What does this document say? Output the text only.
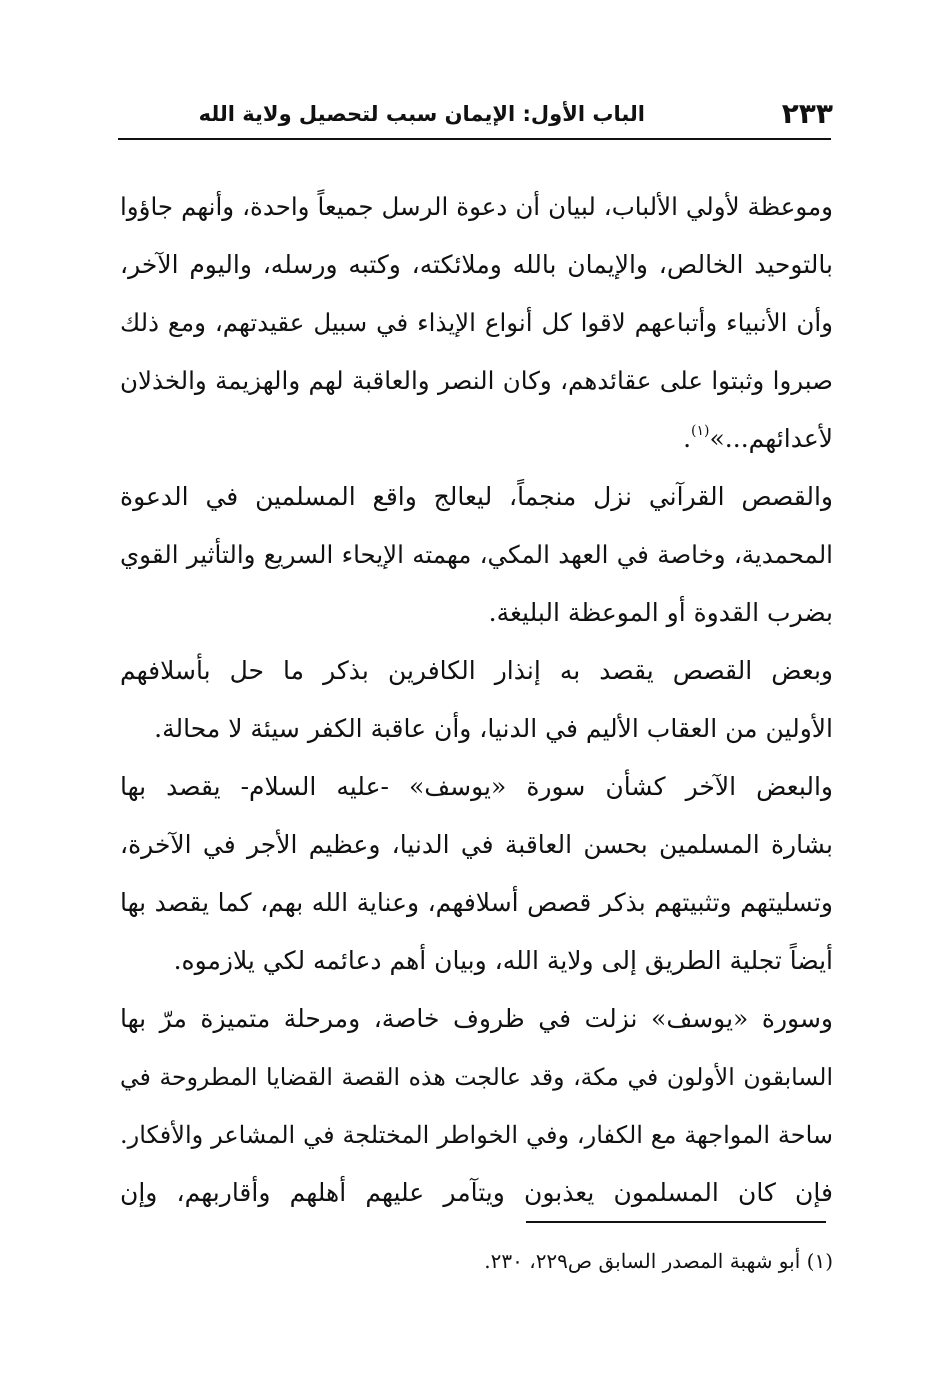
٢٣٣
الباب الأول: الإيمان سبب لتحصيل ولاية الله
وموعظة لأولي الألباب، لبيان أن دعوة الرسل جميعاً واحدة، وأنهم جاؤوا
بالتوحيد الخالص، والإيمان بالله وملائكته، وكتبه ورسله، واليوم الآخر،
وأن الأنبياء وأتباعهم لاقوا كل أنواع الإيذاء في سبيل عقيدتهم، ومع ذلك
صبروا وثبتوا على عقائدهم، وكان النصر والعاقبة لهم والهزيمة والخذلان
لأعدائهم...»$^{(١)}$.
والقصص القرآني نزل منجماً، ليعالج واقع المسلمين في الدعوة
المحمدية، وخاصة في العهد المكي، مهمته الإيحاء السريع والتأثير القوي
بضرب القدوة أو الموعظة البليغة.
وبعض القصص يقصد به إنذار الكافرين بذكر ما حل بأسلافهم
الأولين من العقاب الأليم في الدنيا، وأن عاقبة الكفر سيئة لا محالة.
والبعض الآخر كشأن سورة «يوسف» -عليه السلام- يقصد بها
بشارة المسلمين بحسن العاقبة في الدنيا، وعظيم الأجر في الآخرة،
وتسليتهم وتثبيتهم بذكر قصص أسلافهم، وعناية الله بهم، كما يقصد بها
أيضاً تجلية الطريق إلى ولاية الله، وبيان أهم دعائمه لكي يلازموه.
وسورة «يوسف» نزلت في ظروف خاصة، ومرحلة متميزة مرّ بها
السابقون الأولون في مكة، وقد عالجت هذه القصة القضايا المطروحة في
ساحة المواجهة مع الكفار، وفي الخواطر المختلجة في المشاعر والأفكار.
فإن كان المسلمون يعذبون ويتآمر عليهم أهلهم وأقاربهم، وإن
(١) أبو شهبة المصدر السابق ص٢٢٩، ٢٣٠.
